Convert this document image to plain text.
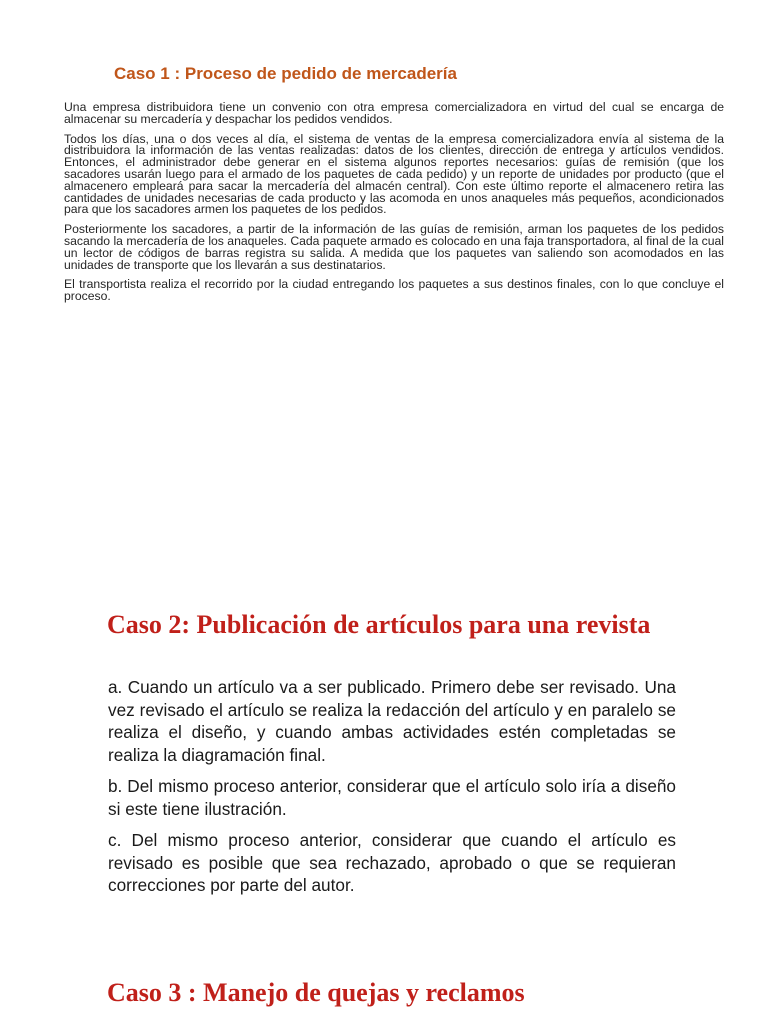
Caso 1 : Proceso de pedido de mercadería

Una empresa distribuidora tiene un convenio con otra empresa comercializadora en virtud del cual se encarga de almacenar su mercadería y despachar los pedidos vendidos.

Todos los días, una o dos veces al día, el sistema de ventas de la empresa comercializadora envía al sistema de la distribuidora la información de las ventas realizadas: datos de los clientes, dirección de entrega y artículos vendidos. Entonces, el administrador debe generar en el sistema algunos reportes necesarios: guías de remisión (que los sacadores usarán luego para el armado de los paquetes de cada pedido) y un reporte de unidades por producto (que el almacenero empleará para sacar la mercadería del almacén central). Con este último reporte el almacenero retira las cantidades de unidades necesarias de cada producto y las acomoda en unos anaqueles más pequeños, acondicionados para que los sacadores armen los paquetes de los pedidos.

Posteriormente los sacadores, a partir de la información de las guías de remisión, arman los paquetes de los pedidos sacando la mercadería de los anaqueles. Cada paquete armado es colocado en una faja transportadora, al final de la cual un lector de códigos de barras registra su salida. A medida que los paquetes van saliendo son acomodados en las unidades de transporte que los llevarán a sus destinatarios.

El transportista realiza el recorrido por la ciudad entregando los paquetes a sus destinos finales, con lo que concluye el proceso.

Caso 2: Publicación de artículos para una revista

a. Cuando un artículo va a ser publicado. Primero debe ser revisado. Una vez revisado el artículo se realiza la redacción del artículo y en paralelo se realiza el diseño, y cuando ambas actividades estén completadas se realiza la diagramación final.

b. Del mismo proceso anterior, considerar que el artículo solo iría a diseño si este tiene ilustración.

c. Del mismo proceso anterior, considerar que cuando el artículo es revisado es posible que sea rechazado, aprobado o que se requieran correcciones por parte del autor.

Caso 3 : Manejo de quejas y reclamos
